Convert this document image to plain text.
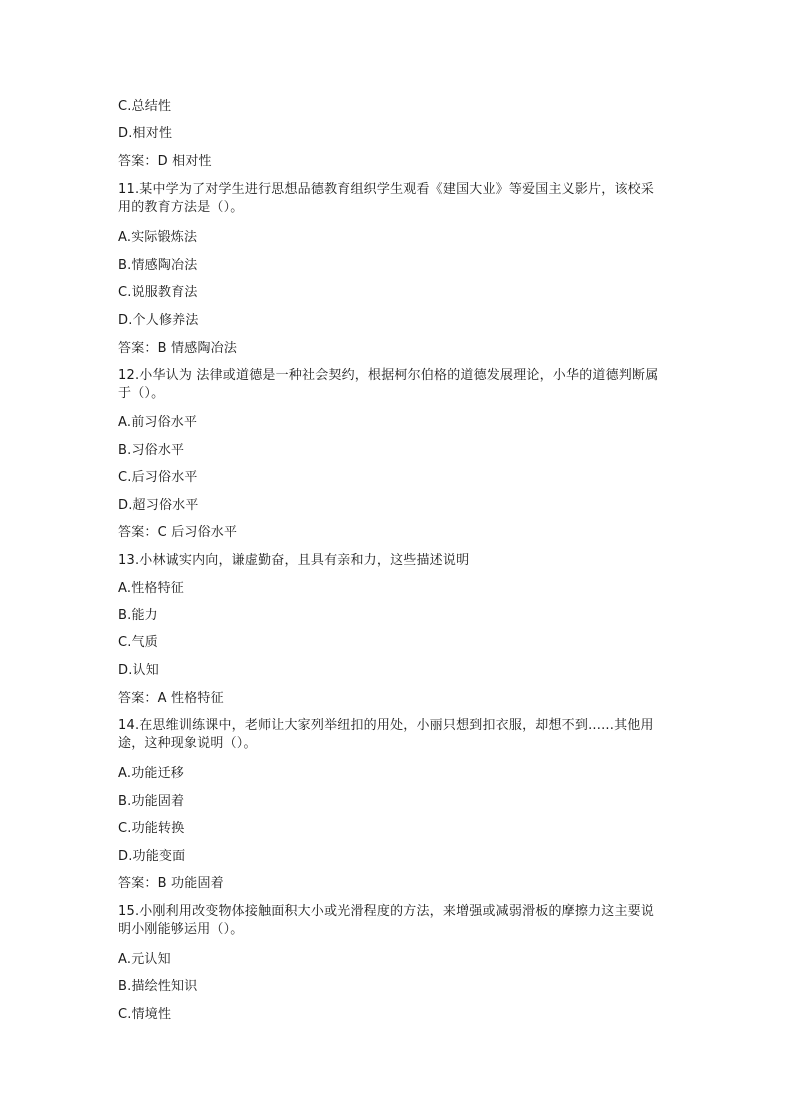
C.总结性
D.相对性
答案：D 相对性
11.某中学为了对学生进行思想品德教育组织学生观看《建国大业》等爱国主义影片，该校采用的教育方法是（）。
A.实际锻炼法
B.情感陶冶法
C.说服教育法
D.个人修养法
答案：B 情感陶冶法
12.小华认为 法律或道德是一种社会契约，根据柯尔伯格的道德发展理论，小华的道德判断属于（）。
A.前习俗水平
B.习俗水平
C.后习俗水平
D.超习俗水平
答案：C 后习俗水平
13.小林诚实内向，谦虚勤奋，且具有亲和力，这些描述说明
A.性格特征
B.能力
C.气质
D.认知
答案：A 性格特征
14.在思维训练课中，老师让大家列举纽扣的用处，小丽只想到扣衣服，却想不到......其他用途，这种现象说明（）。
A.功能迁移
B.功能固着
C.功能转换
D.功能变面
答案：B 功能固着
15.小刚利用改变物体接触面积大小或光滑程度的方法，来增强或减弱滑板的摩擦力这主要说明小刚能够运用（）。
A.元认知
B.描绘性知识
C.情境性
